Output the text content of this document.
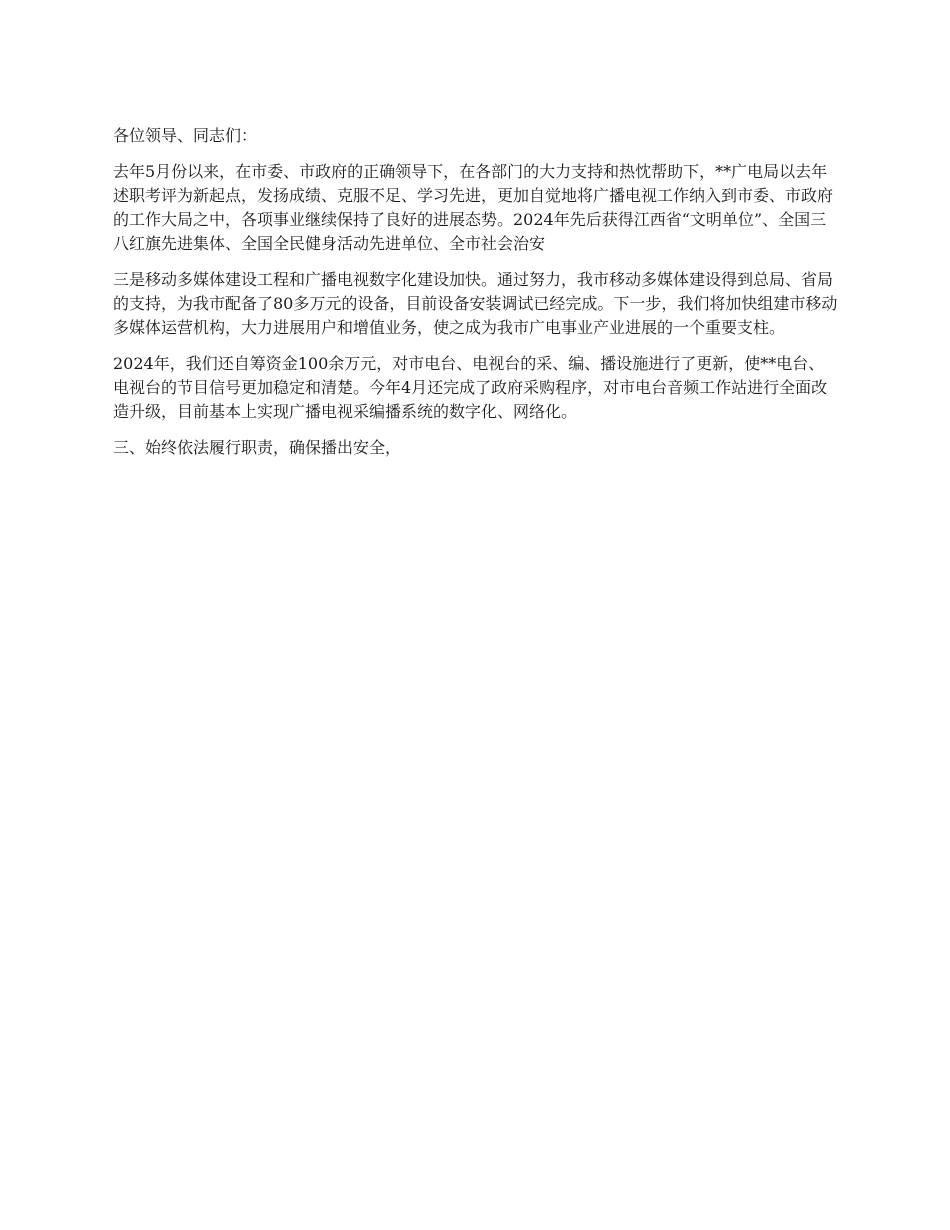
各位领导、同志们：

去年5月份以来，在市委、市政府的正确领导下，在各部门的大力支持和热忱帮助下，**广电局以去年述职考评为新起点，发扬成绩、克服不足、学习先进，更加自觉地将广播电视工作纳入到市委、市政府的工作大局之中，各项事业继续保持了良好的进展态势。2024年先后获得江西省“文明单位”、全国三八红旗先进集体、全国全民健身活动先进单位、全市社会治安

三是移动多媒体建设工程和广播电视数字化建设加快。通过努力，我市移动多媒体建设得到总局、省局的支持，为我市配备了80多万元的设备，目前设备安装调试已经完成。下一步，我们将加快组建市移动多媒体运营机构，大力进展用户和增值业务，使之成为我市广电事业产业进展的一个重要支柱。

2024年，我们还自筹资金100余万元，对市电台、电视台的采、编、播设施进行了更新，使**电台、电视台的节目信号更加稳定和清楚。今年4月还完成了政府采购程序，对市电台音频工作站进行全面改造升级，目前基本上实现广播电视采编播系统的数字化、网络化。

三、始终依法履行职责，确保播出安全，
